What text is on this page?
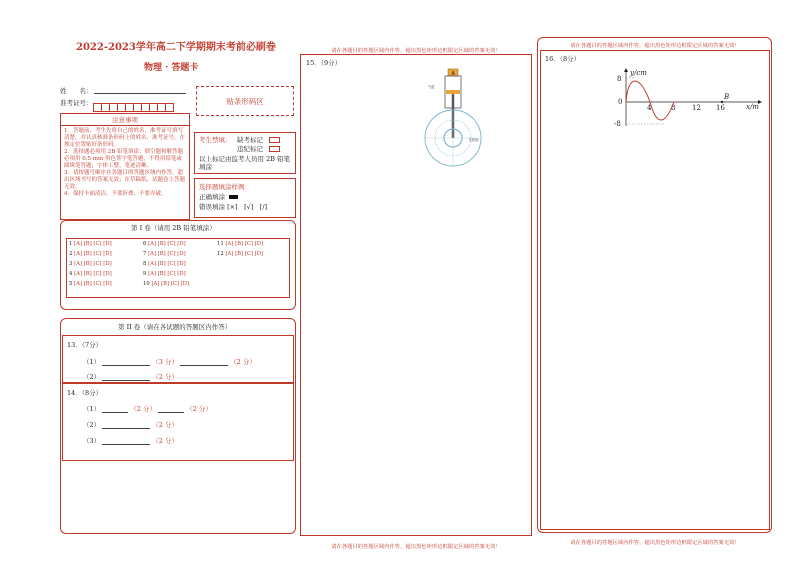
2022-2023学年高二下学期期末考前必刷卷
物理 · 答题卡
姓　　名：
准考证号：	贴条形码区
注意事项
1．答题前，考生先将自己的姓名，准考证号填写清楚，并认真核准条形码上的姓名、准考证号，在规定位置贴好条形码。
2．选择题必须用 2B 铅笔填涂；填空题和解答题必须用 0.5 mm 黑色签字笔答题，不得用铅笔或圆珠笔答题；字体工整、笔迹清晰。
3．请按题号顺序在各题目的答题区域内作答，超出区域书写的答案无效；在草稿纸、试题卷上答题无效。
4．保持卡面清洁，不要折叠、不要弄破。
考生禁填： 缺考标记
违纪标记
以上标记由监考人员用 2B 铅笔填涂
选择题填涂样例：
正确填涂
错误填涂 [×]　[√]　[/]
第 I 卷（请用 2B 铅笔填涂）
1 [A] [B] [C] [D]
2 [A] [B] [C] [D]
3 [A] [B] [C] [D]
4 [A] [B] [C] [D]
5 [A] [B] [C] [D]
6 [A] [B] [C] [D]
7 [A] [B] [C] [D]
8 [A] [B] [C] [D]
9 [A] [B] [C] [D]
10 [A] [B] [C] [D]
11 [A] [B] [C] [D]
12 [A] [B] [C] [D]
第 II 卷（请在各试题的答题区内作答）
13．（7分）
（1）	（3 分）	（2 分）
（2）	（2 分）
14．（8分）
（1）	（2 分）	（2 分）
（2）	（2 分）
（3）	（2 分）
请在各题目的答题区域内作答，超出黑色矩形边框限定区域的答案无效！
15．（9分）
A
气缸
飞轮轴
请在各题目的答题区域内作答，超出黑色矩形边框限定区域的答案无效！
请在各题目的答题区域内作答，超出黑色矩形边框限定区域的答案无效！
16．（8分）
y/cm
x/m
8
0
-8
4	8 12 16
B
请在各题目的答题区域内作答，超出黑色矩形边框限定区域的答案无效！
